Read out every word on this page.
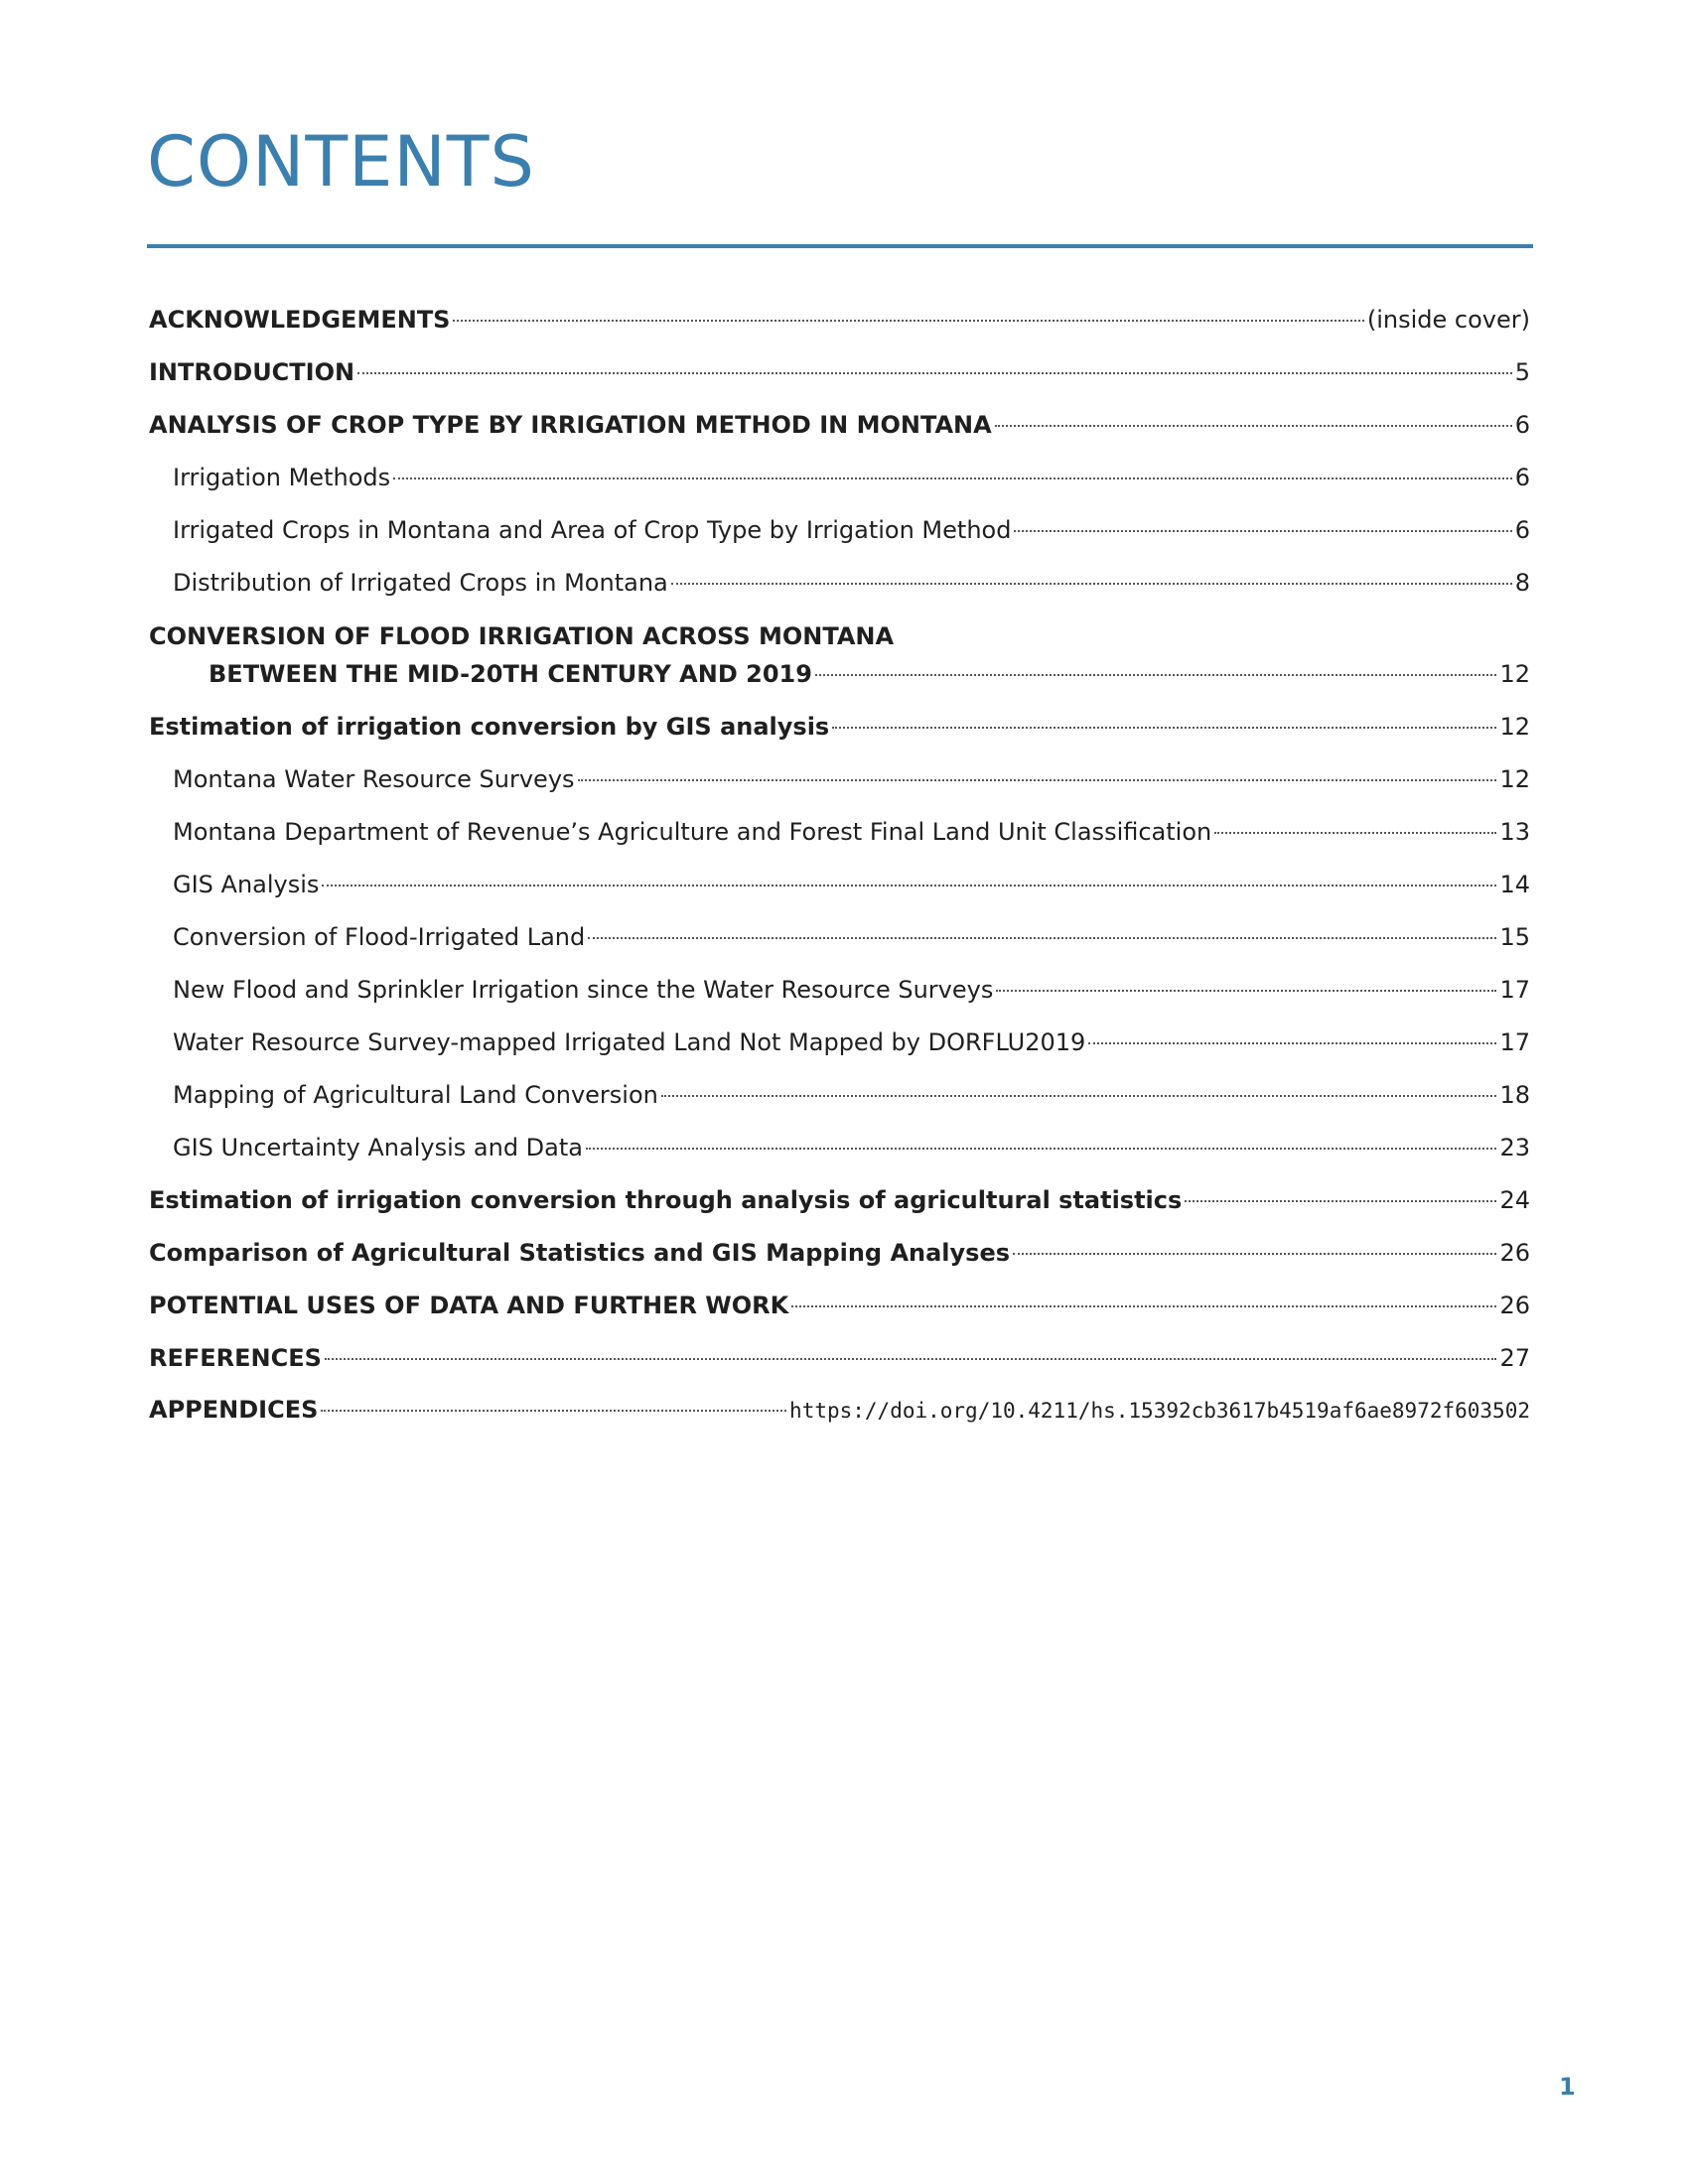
CONTENTS
ACKNOWLEDGEMENTS	(inside cover)
INTRODUCTION	5
ANALYSIS OF CROP TYPE BY IRRIGATION METHOD IN MONTANA	6
Irrigation Methods	6
Irrigated Crops in Montana and Area of Crop Type by Irrigation Method	6
Distribution of Irrigated Crops in Montana	8
CONVERSION OF FLOOD IRRIGATION ACROSS MONTANA
BETWEEN THE MID-20TH CENTURY AND 2019	12
Estimation of irrigation conversion by GIS analysis	12
Montana Water Resource Surveys	12
Montana Department of Revenue’s Agriculture and Forest Final Land Unit Classification	13
GIS Analysis	14
Conversion of Flood-Irrigated Land	15
New Flood and Sprinkler Irrigation since the Water Resource Surveys	17
Water Resource Survey-mapped Irrigated Land Not Mapped by DORFLU2019	17
Mapping of Agricultural Land Conversion	18
GIS Uncertainty Analysis and Data	23
Estimation of irrigation conversion through analysis of agricultural statistics	24
Comparison of Agricultural Statistics and GIS Mapping Analyses	26
POTENTIAL USES OF DATA AND FURTHER WORK	26
REFERENCES	27
APPENDICES	https://doi.org/10.4211/hs.15392cb3617b4519af6ae8972f603502
1
